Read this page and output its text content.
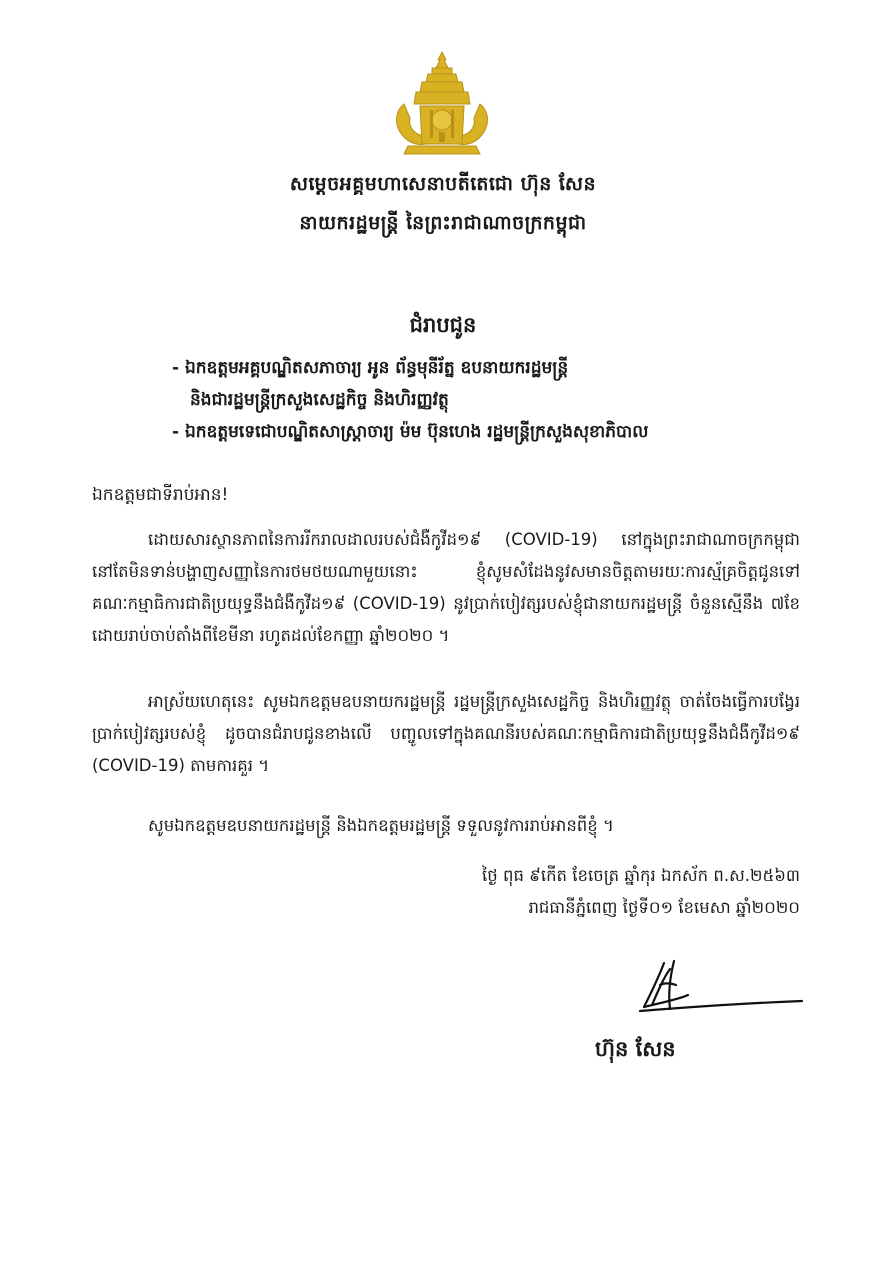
សម្តេចអគ្គមហាសេនាបតីតេជោ ហ៊ុន សែន
នាយករដ្ឋមន្ត្រី នៃព្រះរាជាណាចក្រកម្ពុជា
ជំរាបជូន
- ឯកឧត្តមអគ្គបណ្ឌិតសភាចារ្យ អូន ព័ន្ធមុនីរ័ត្ន ឧបនាយករដ្ឋមន្ត្រី
និងជារដ្ឋមន្ត្រីក្រសួងសេដ្ឋកិច្ច និងហិរញ្ញវត្ថុ
- ឯកឧត្តមទេជោបណ្ឌិតសាស្ត្រាចារ្យ ម៉ម ប៊ុនហេង រដ្ឋមន្ត្រីក្រសួងសុខាភិបាល
ឯកឧត្តមជាទីរាប់អាន!
ដោយសារស្ថានភាពនៃការរីករាលដាលរបស់ជំងឺកូវីដ១៩ (COVID-19) នៅក្នុងព្រះរាជាណាចក្រកម្ពុជា នៅតែមិនទាន់បង្ហាញសញ្ញានៃការថមថយណាមួយនោះ ខ្ញុំសូមសំដែងនូវសមានចិត្តតាមរយៈការស្ម័គ្រចិត្តជូនទៅគណៈកម្មាធិការជាតិប្រយុទ្ធនឹងជំងឺកូវីដ១៩ (COVID-19) នូវប្រាក់បៀវត្សរបស់ខ្ញុំជានាយករដ្ឋមន្ត្រី ចំនួនស្មើនឹង ៧ខែ ដោយរាប់ចាប់តាំងពីខែមីនា រហូតដល់ខែកញ្ញា ឆ្នាំ២០២០ ។
អាស្រ័យហេតុនេះ សូមឯកឧត្តមឧបនាយករដ្ឋមន្ត្រី រដ្ឋមន្ត្រីក្រសួងសេដ្ឋកិច្ច និងហិរញ្ញវត្ថុ ចាត់ចែងធ្វើការបង្វែរប្រាក់បៀវត្សរបស់ខ្ញុំ ដូចបានជំរាបជូនខាងលើ បញ្ចូលទៅក្នុងគណនីរបស់គណៈកម្មាធិការជាតិប្រយុទ្ធនឹងជំងឺកូវីដ១៩ (COVID-19) តាមការគួរ ។
សូមឯកឧត្តមឧបនាយករដ្ឋមន្ត្រី និងឯកឧត្តមរដ្ឋមន្ត្រី ទទួលនូវការរាប់អានពីខ្ញុំ ។
ថ្ងៃ ពុធ ៩កើត ខែចេត្រ ឆ្នាំកុរ ឯកស័ក ព.ស.២៥៦៣
រាជធានីភ្នំពេញ ថ្ងៃទី០១ ខែមេសា ឆ្នាំ២០២០
ហ៊ុន សែន
